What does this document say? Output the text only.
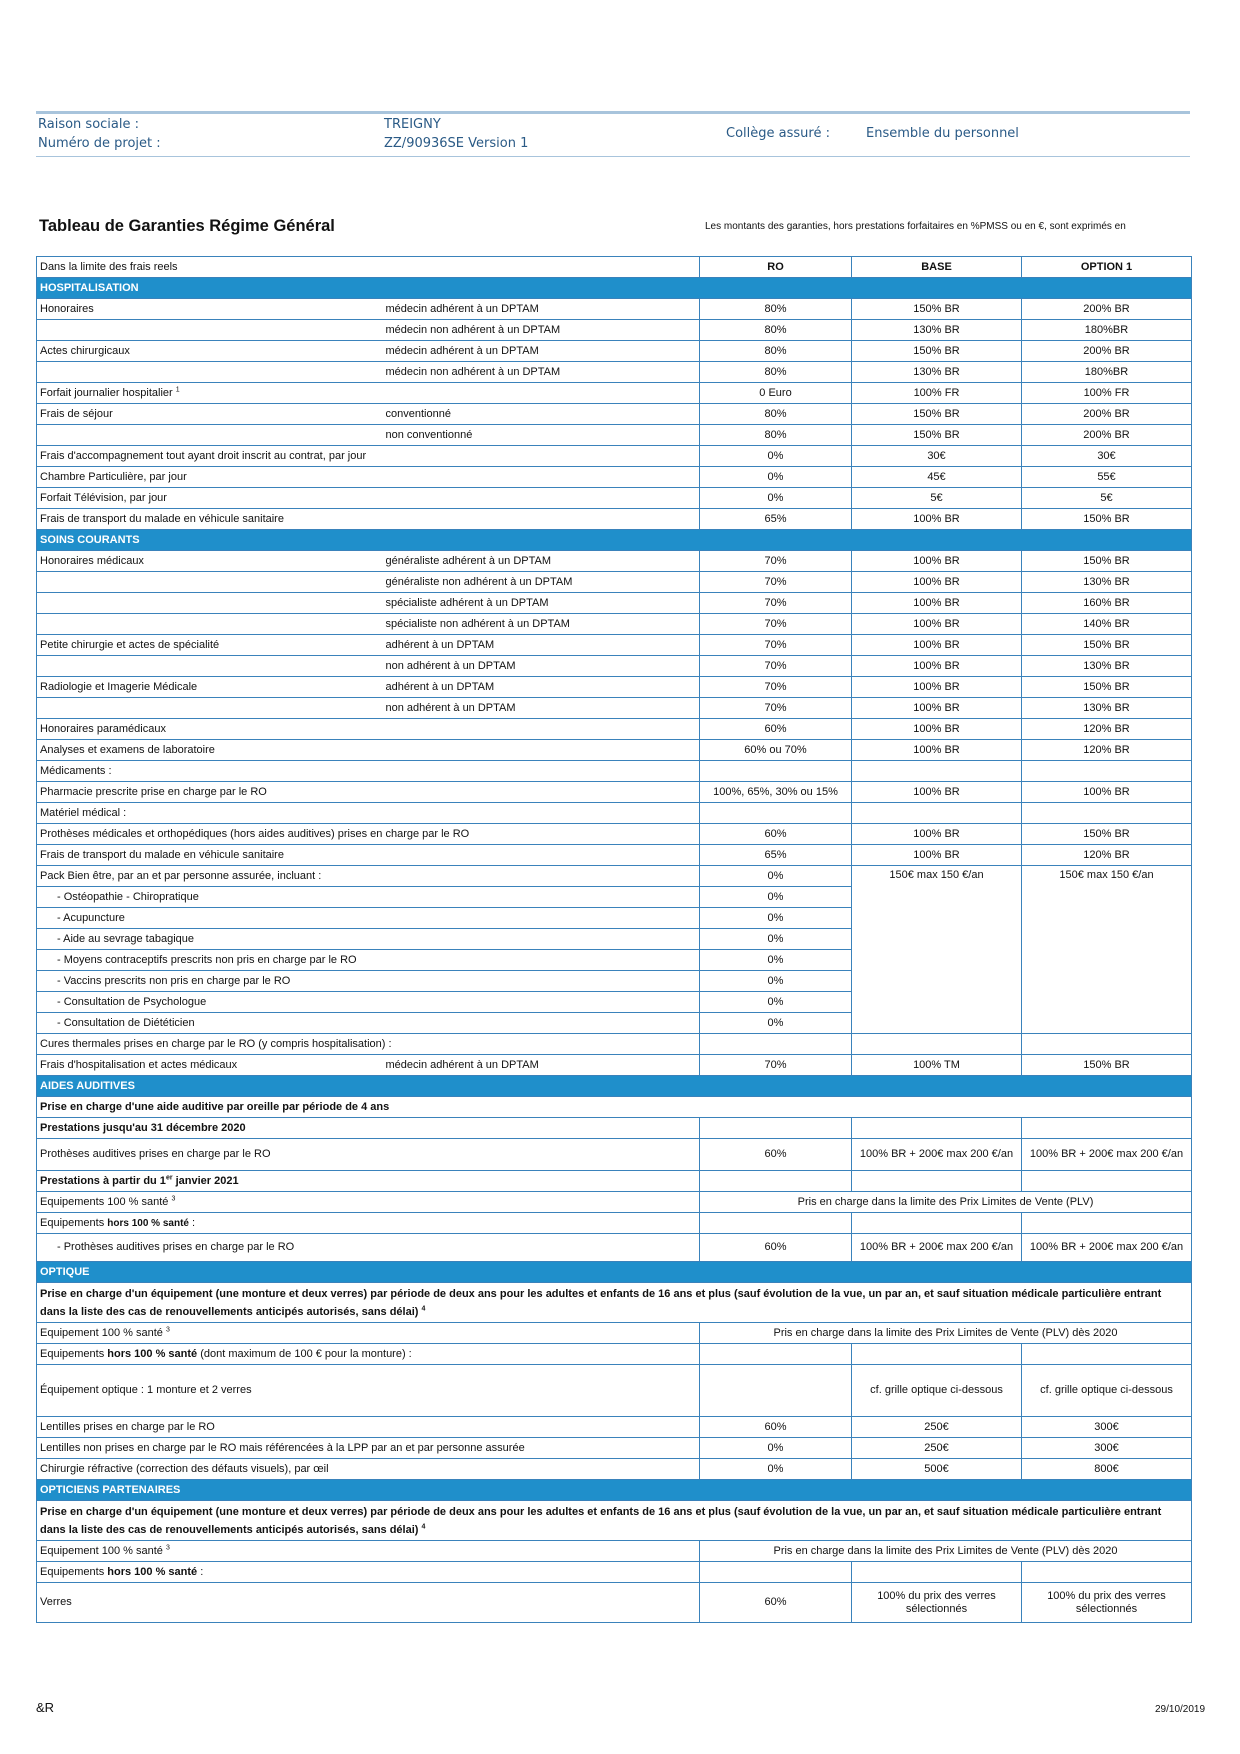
Raison sociale :
Numéro de projet :
TREIGNY
ZZ/90936SE Version 1
Collège assuré :	Ensemble du personnel
Tableau de Garanties Régime Général	Les montants des garanties, hors prestations forfaitaires en %PMSS ou en €, sont exprimés en
Dans la limite des frais reels		RO	BASE	OPTION 1
HOSPITALISATION				
Honoraires	médecin adhérent à un DPTAM	80%	150% BR	200% BR
	médecin non adhérent à un DPTAM	80%	130% BR	180%BR
Actes chirurgicaux	médecin adhérent à un DPTAM	80%	150% BR	200% BR
	médecin non adhérent à un DPTAM	80%	130% BR	180%BR
Forfait journalier hospitalier $^1$		0 Euro	100% FR	100% FR
Frais de séjour	conventionné	80%	150% BR	200% BR
	non conventionné	80%	150% BR	200% BR
Frais d'accompagnement tout ayant droit inscrit au contrat, par jour		0%	30€	30€
Chambre Particulière, par jour		0%	45€	55€
Forfait Télévision, par jour		0%	5€	5€
Frais de transport du malade en véhicule sanitaire		65%	100% BR	150% BR
SOINS COURANTS				
Honoraires médicaux	généraliste adhérent à un DPTAM	70%	100% BR	150% BR
	généraliste non adhérent à un DPTAM	70%	100% BR	130% BR
	spécialiste adhérent à un DPTAM	70%	100% BR	160% BR
	spécialiste non adhérent à un DPTAM	70%	100% BR	140% BR
Petite chirurgie et actes de spécialité	adhérent à un DPTAM	70%	100% BR	150% BR
	non adhérent à un DPTAM	70%	100% BR	130% BR
Radiologie et Imagerie Médicale	adhérent à un DPTAM	70%	100% BR	150% BR
	non adhérent à un DPTAM	70%	100% BR	130% BR
Honoraires paramédicaux		60%	100% BR	120% BR
Analyses et examens de laboratoire		60% ou 70%	100% BR	120% BR
Médicaments :				
Pharmacie prescrite prise en charge par le RO		100%, 65%, 30% ou 15%	100% BR	100% BR
Matériel médical :				
Prothèses médicales et orthopédiques (hors aides auditives) prises en charge par le RO		60%	100% BR	150% BR
Frais de transport du malade en véhicule sanitaire		65%	100% BR	120% BR
Pack Bien être, par an et par personne assurée, incluant :		0%	150€ max 150 €/an	150€ max 150 €/an
- Ostéopathie - Chiropratique		0%		
- Acupuncture		0%		
- Aide au sevrage tabagique		0%		
- Moyens contraceptifs prescrits non pris en charge par le RO		0%		
- Vaccins prescrits non pris en charge par le RO		0%		
- Consultation de Psychologue		0%		
- Consultation de Diététicien		0%		
Cures thermales prises en charge par le RO (y compris hospitalisation) :				
Frais d'hospitalisation et actes médicaux	médecin adhérent à un DPTAM	70%	100% TM	150% BR
AIDES AUDITIVES				
Prise en charge d'une aide auditive par oreille par période de 4 ans				
Prestations jusqu'au 31 décembre 2020				
Prothèses auditives prises en charge par le RO		60%	100% BR + 200€ max 200 €/an	100% BR + 200€ max 200 €/an
Prestations à partir du 1er janvier 2021				
Equipements 100 % santé $^3$		Pris en charge dans la limite des Prix Limites de Vente (PLV)		
Equipements hors 100 % santé :				
- Prothèses auditives prises en charge par le RO		60%	100% BR + 200€ max 200 €/an	100% BR + 200€ max 200 €/an
OPTIQUE				
Prise en charge d'un équipement (une monture et deux verres) par période de deux ans pour les adultes et enfants de 16 ans et plus (sauf évolution de la vue, un par an, et sauf situation médicale particulière entrant dans la liste des cas de renouvellements anticipés autorisés, sans délai) $^4$
Equipement 100 % santé $^3$		Pris en charge dans la limite des Prix Limites de Vente (PLV) dès 2020		
Equipements hors 100 % santé (dont maximum de 100 € pour la monture) :				
Équipement optique : 1 monture et 2 verres			cf. grille optique ci-dessous	cf. grille optique ci-dessous
Lentilles prises en charge par le RO		60%	250€	300€
Lentilles non prises en charge par le RO mais référencées à la LPP par an et par personne assurée		0%	250€	300€
Chirurgie réfractive (correction des défauts visuels), par œil		0%	500€	800€
OPTICIENS PARTENAIRES				
Prise en charge d'un équipement (une monture et deux verres) par période de deux ans pour les adultes et enfants de 16 ans et plus (sauf évolution de la vue, un par an, et sauf situation médicale particulière entrant dans la liste des cas de renouvellements anticipés autorisés, sans délai) $^4$
Equipement 100 % santé $^3$		Pris en charge dans la limite des Prix Limites de Vente (PLV) dès 2020		
Equipements hors 100 % santé :				
Verres		60%	100% du prix des verres sélectionnés	100% du prix des verres sélectionnés
&R	29/10/2019
